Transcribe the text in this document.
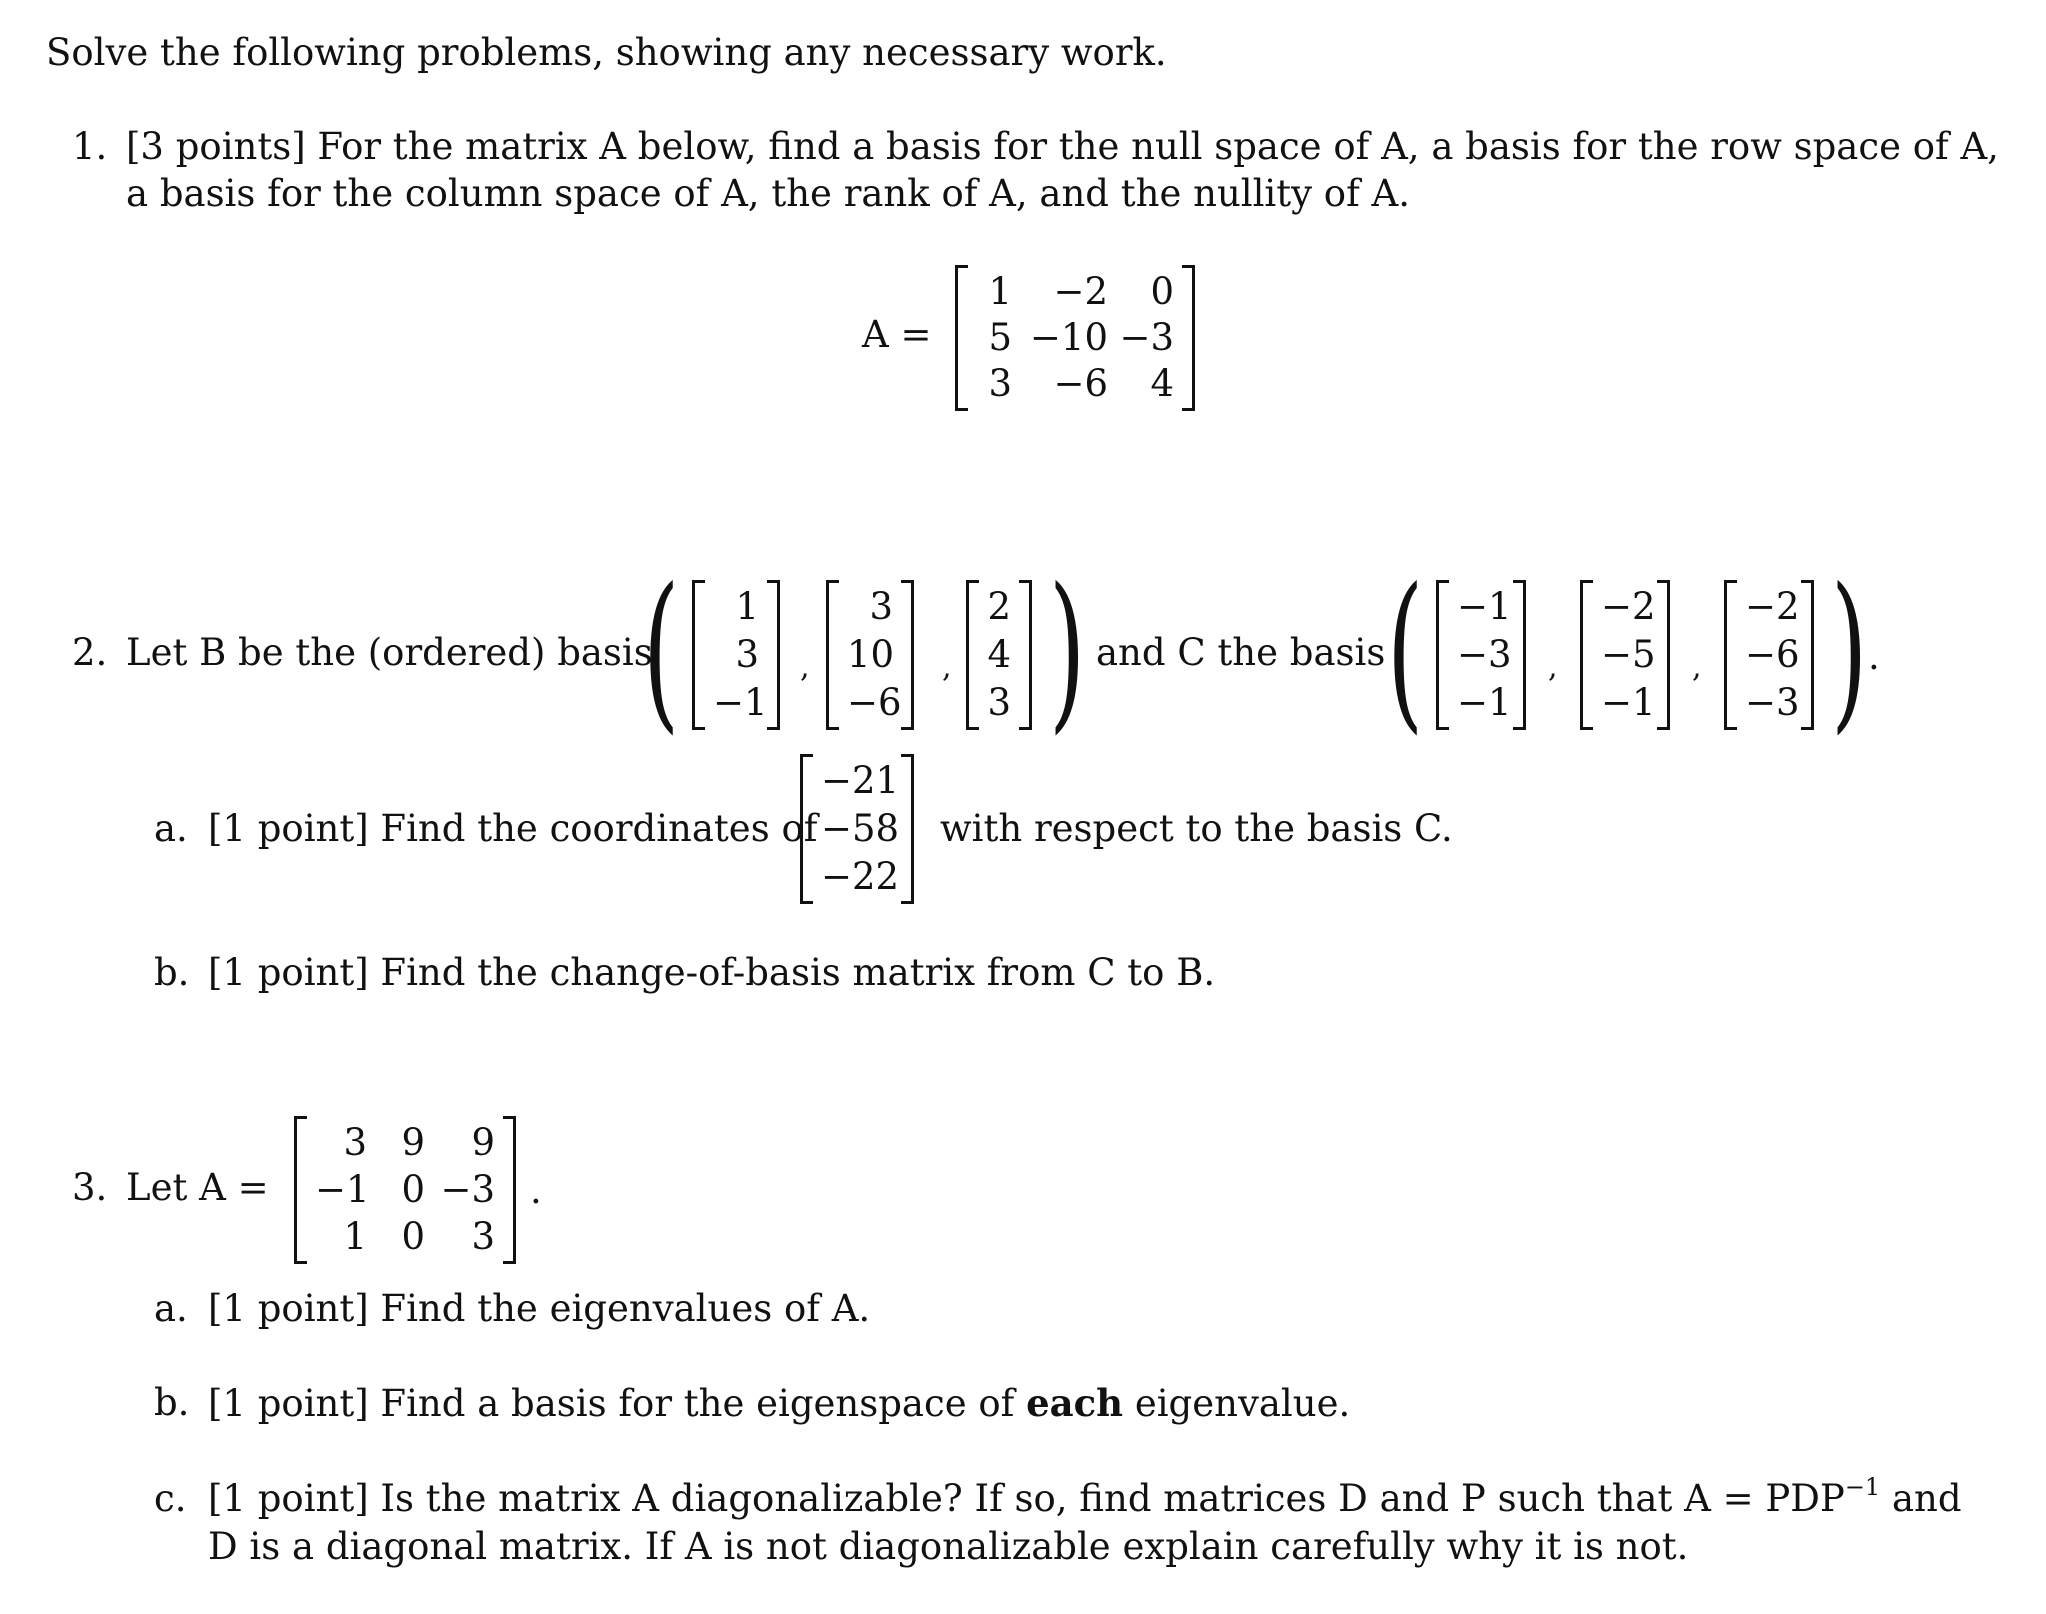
Solve the following problems, showing any necessary work.
1. [3 points] For the matrix A below, find a basis for the null space of A, a basis for the row space of A,
a basis for the column space of A, the rank of A, and the nullity of A.
A =
1
5
3
−2
−10
−6
0
−3
4
2. Let B be the (ordered) basis
(	1
3
−1
,
3
10
−6
,
2
4
3 ) and C the basis ( −1
−3
−1
,
−2
−5
−1
,
−2
−6
−3 ) .
a. [1 point] Find the coordinates of
−21
−58
−22
with respect to the basis C.
b. [1 point] Find the change-of-basis matrix from C to B.
3. Let A =
3
−1
1
9
0
0
9
−3
3
.
a. [1 point] Find the eigenvalues of A.
b. [1 point] Find a basis for the eigenspace of each eigenvalue.
c. [1 point] Is the matrix A diagonalizable? If so, find matrices D and P such that $A = PDP^{-1}$ and
D is a diagonal matrix. If A is not diagonalizable explain carefully why it is not.
